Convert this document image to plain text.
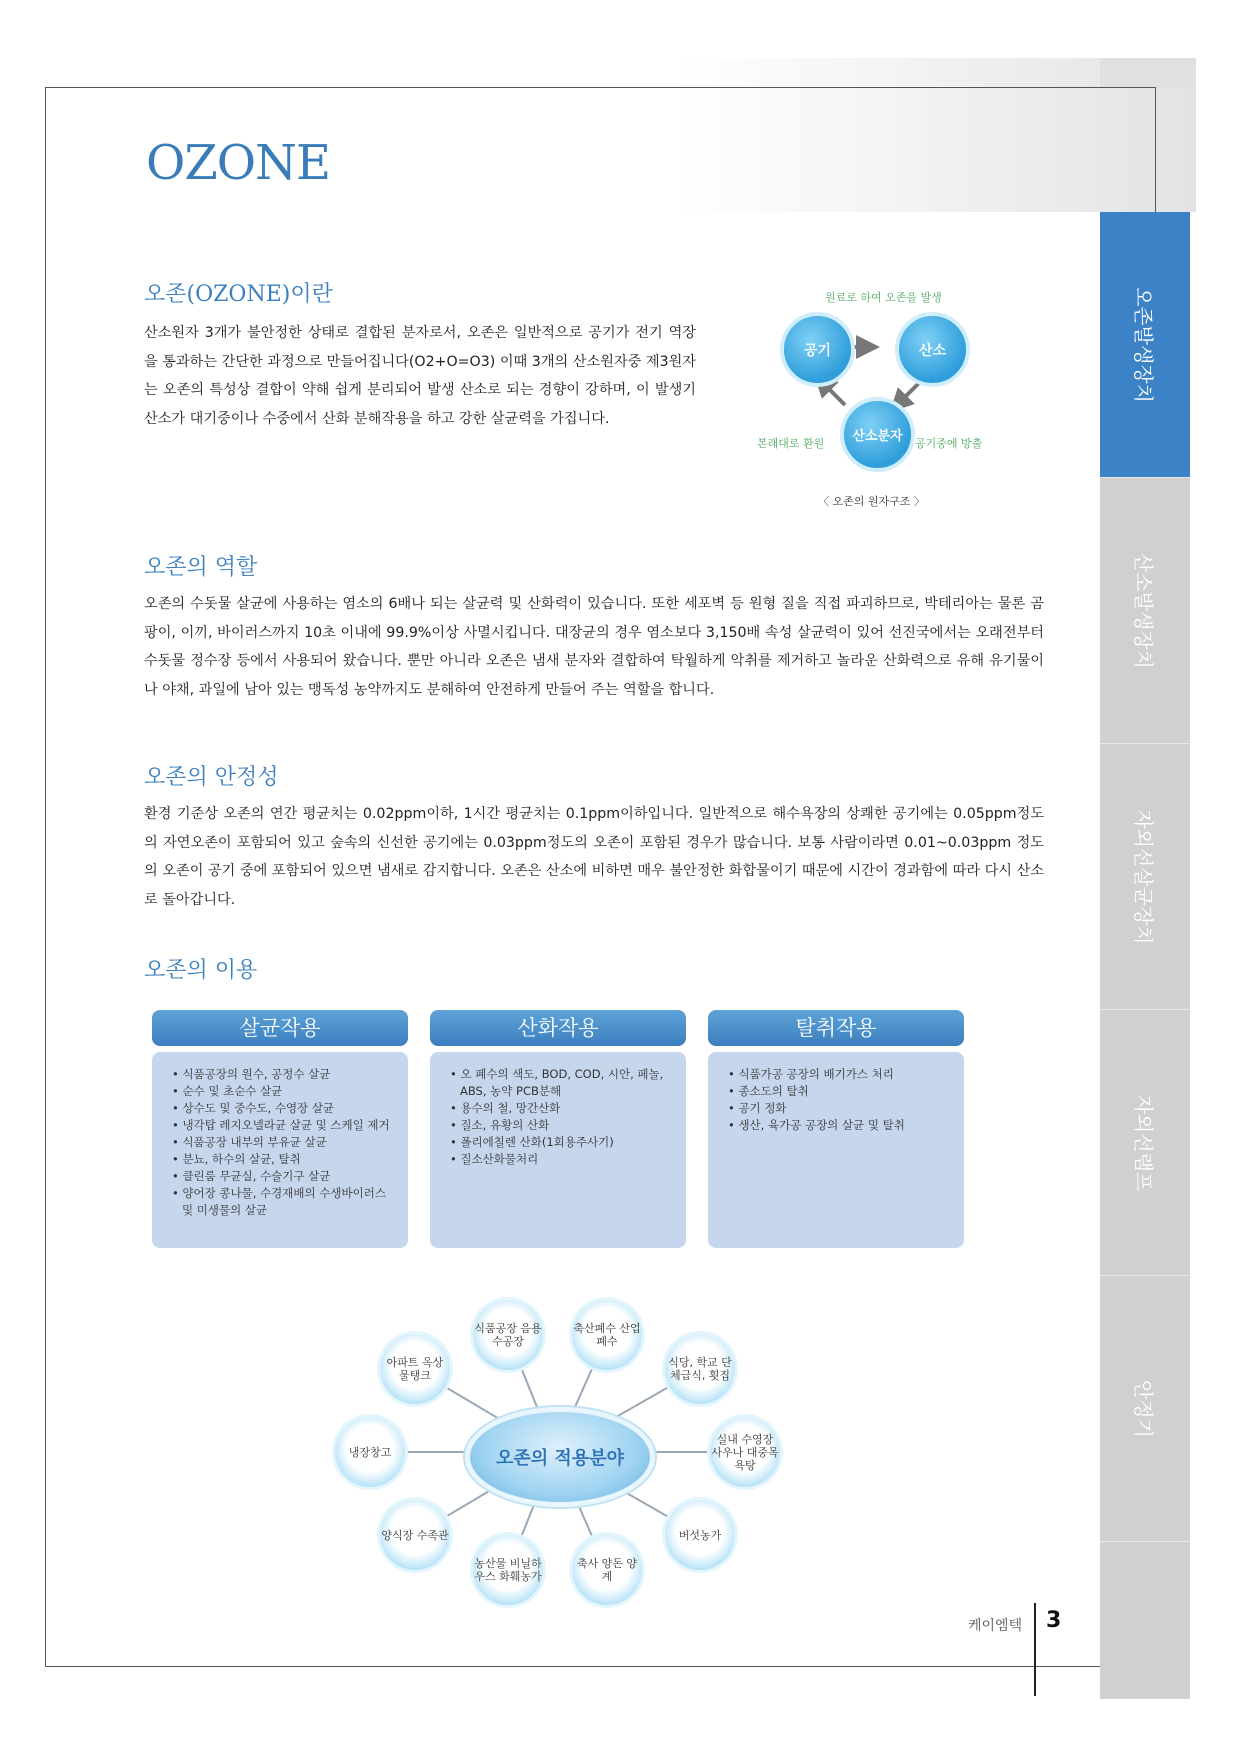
OZONE
오존발생장치
산소발생장치
자외선살균장치
자외선램프
안정기
오존(OZONE)이란
산소원자 3개가 불안정한 상태로 결합된 분자로서, 오존은 일반적으로 공기가 전기 역장을 통과하는 간단한 과정으로 만들어집니다(O2+O=O3) 이때 3개의 산소원자중 제3원자는 오존의 특성상 결합이 약해 쉽게 분리되어 발생 산소로 되는 경향이 강하며, 이 발생기 산소가 대기중이나 수중에서 산화 분해작용을 하고 강한 살균력을 가집니다.
원료로 하여 오존을 발생
공기	산소
산소분자
본래대로 환원	공기중에 방출
〈 오존의 원자구조 〉
오존의 역할
오존의 수돗물 살균에 사용하는 염소의 6배나 되는 살균력 및 산화력이 있습니다. 또한 세포벽 등 원형 질을 직접 파괴하므로, 박테리아는 물론 곰팡이, 이끼, 바이러스까지 10초 이내에 99.9%이상 사멸시킵니다. 대장균의 경우 염소보다 3,150배 속성 살균력이 있어 선진국에서는 오래전부터 수돗물 정수장 등에서 사용되어 왔습니다. 뿐만 아니라 오존은 냄새 분자와 결합하여 탁월하게 악취를 제거하고 놀라운 산화력으로 유해 유기물이나 야채, 과일에 남아 있는 맹독성 농약까지도 분해하여 안전하게 만들어 주는 역할을 합니다.
오존의 안정성
환경 기준상 오존의 연간 평균치는 0.02ppm이하, 1시간 평균치는 0.1ppm이하입니다. 일반적으로 해수욕장의 상쾌한 공기에는 0.05ppm정도의 자연오존이 포함되어 있고 숲속의 신선한 공기에는 0.03ppm정도의 오존이 포함된 경우가 많습니다. 보통 사람이라면 0.01~0.03ppm 정도의 오존이 공기 중에 포함되어 있으면 냄새로 감지합니다. 오존은 산소에 비하면 매우 불안정한 화합물이기 때문에 시간이 경과함에 따라 다시 산소로 돌아갑니다.
오존의 이용
살균작용
• 식품공장의 원수, 공정수 살균
• 순수 및 초순수 살균
• 상수도 및 중수도, 수영장 살균
• 냉각탑 레지오넬라균 살균 및 스케일 제거
• 식품공장 내부의 부유균 살균
• 분뇨, 하수의 살균, 탈취
• 클린룸 무균실, 수술기구 살균
• 양어장 콩나물, 수경재배의 수생바이러스 및 미생물의 살균
산화작용
• 오 폐수의 색도, BOD, COD, 시안, 페놀, ABS, 농약 PCB분해
• 용수의 철, 망간산화
• 질소, 유황의 산화
• 폴리에칠렌 산화(1회용주사기)
• 질소산화물처리
탈취작용
• 식품가공 공장의 배기가스 처리
• 종소도의 탈취
• 공기 정화
• 생산, 육가공 공장의 살균 및 탈취
식품공장 음용수공장
축산폐수 산업폐수
식당, 학교 단체급식, 횟집
실내 수영장 사우나 대중목욕탕
버섯농가
축사 양돈 양계
농산물 비닐하우스 화훼농가
양식장 수족관
냉장창고
아파트 옥상 물탱크
오존의 적용분야
케이엠텍 3
